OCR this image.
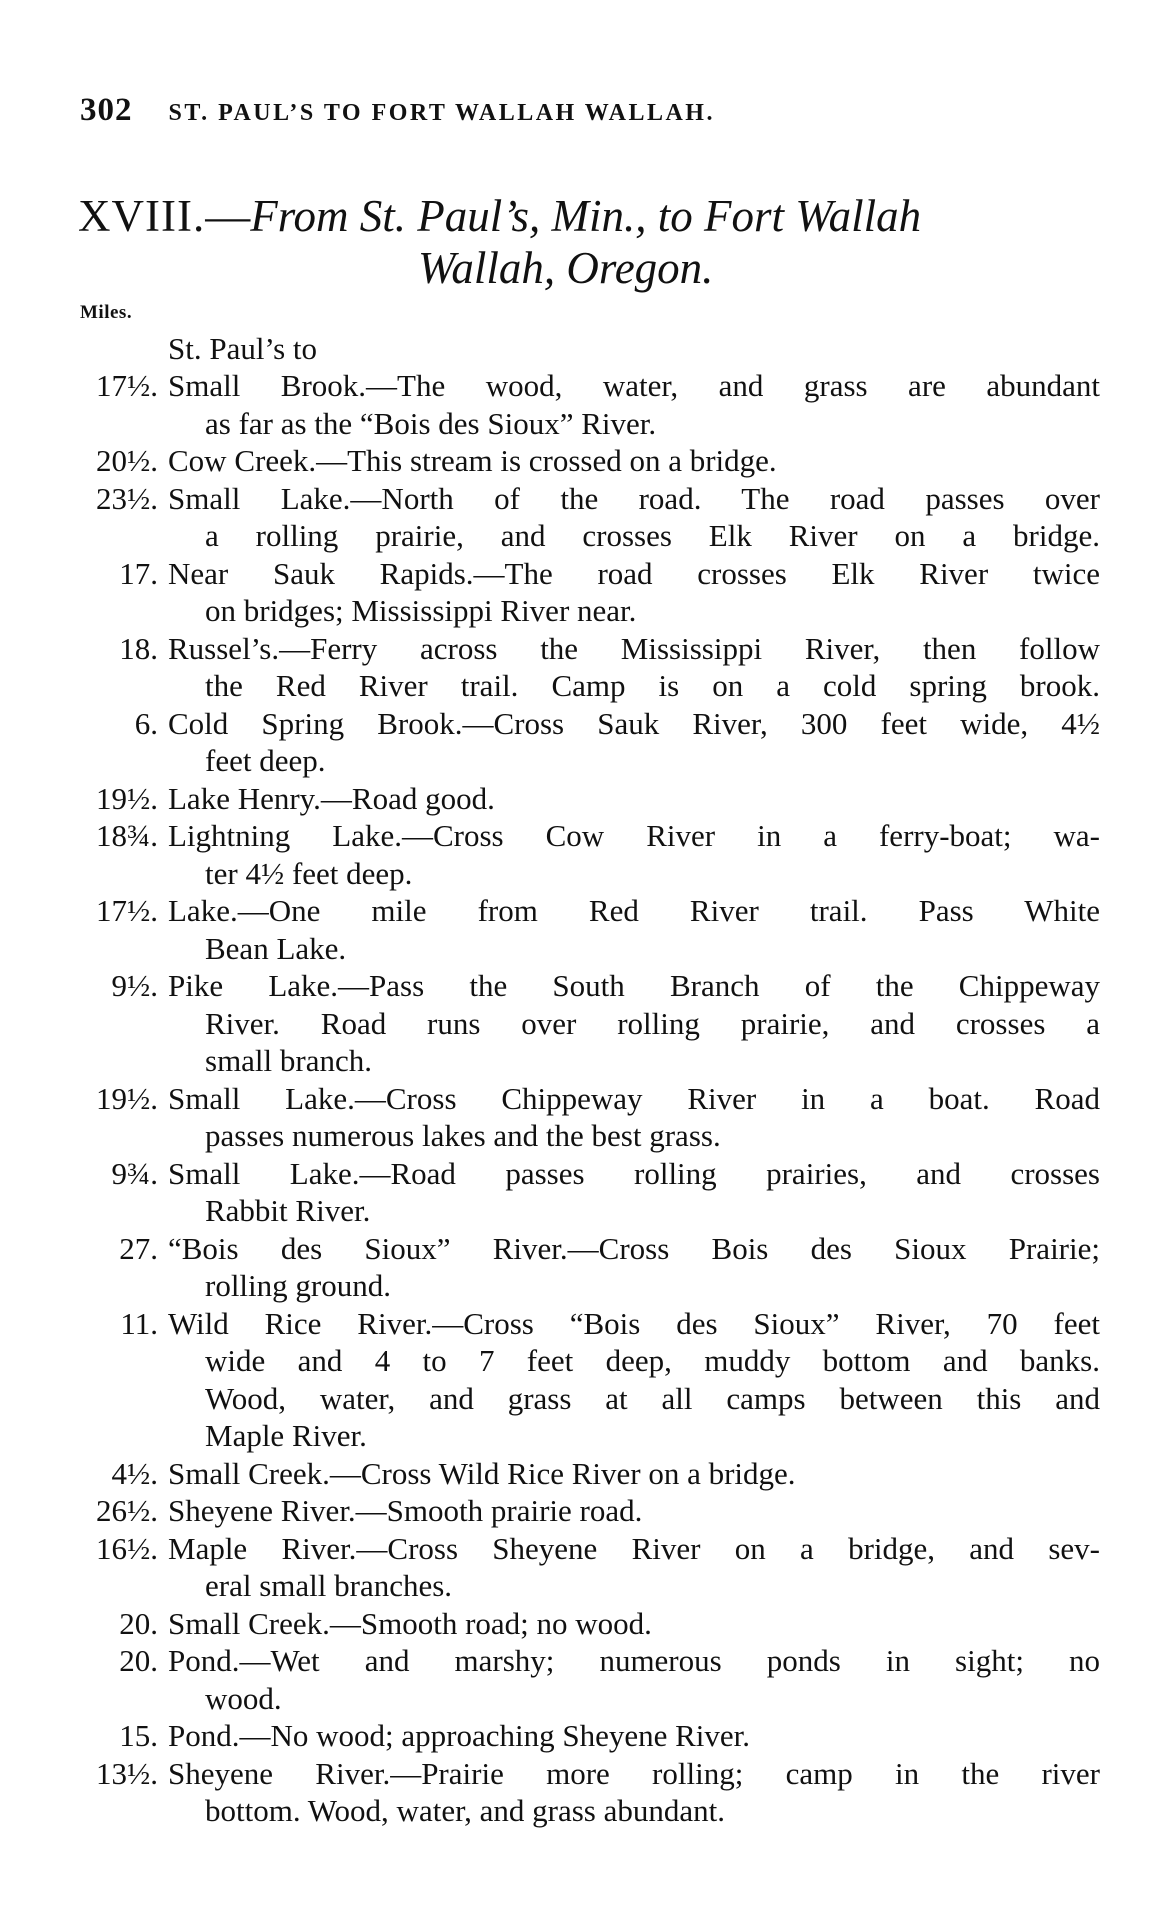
302 ST. PAUL’S TO FORT WALLAH WALLAH.
XVIII.—From St. Paul’s, Min., to Fort Wallah
Wallah, Oregon.
Miles.
St. Paul’s to
17½. Small Brook.—The wood, water, and grass are abundant
as far as the “Bois des Sioux” River.
20½. Cow Creek.—This stream is crossed on a bridge.
23½. Small Lake.—North of the road. The road passes over
a rolling prairie, and crosses Elk River on a bridge.
17. Near Sauk Rapids.—The road crosses Elk River twice
on bridges; Mississippi River near.
18. Russel’s.—Ferry across the Mississippi River, then follow
the Red River trail. Camp is on a cold spring brook.
6. Cold Spring Brook.—Cross Sauk River, 300 feet wide, 4½
feet deep.
19½. Lake Henry.—Road good.
18¾. Lightning Lake.—Cross Cow River in a ferry-boat; wa-
ter 4½ feet deep.
17½. Lake.—One mile from Red River trail. Pass White
Bean Lake.
9½. Pike Lake.—Pass the South Branch of the Chippeway
River. Road runs over rolling prairie, and crosses a
small branch.
19½. Small Lake.—Cross Chippeway River in a boat. Road
passes numerous lakes and the best grass.
9¾. Small Lake.—Road passes rolling prairies, and crosses
Rabbit River.
27. “Bois des Sioux” River.—Cross Bois des Sioux Prairie;
rolling ground.
11. Wild Rice River.—Cross “Bois des Sioux” River, 70 feet
wide and 4 to 7 feet deep, muddy bottom and banks.
Wood, water, and grass at all camps between this and
Maple River.
4½. Small Creek.—Cross Wild Rice River on a bridge.
26½. Sheyene River.—Smooth prairie road.
16½. Maple River.—Cross Sheyene River on a bridge, and sev-
eral small branches.
20. Small Creek.—Smooth road; no wood.
20. Pond.—Wet and marshy; numerous ponds in sight; no
wood.
15. Pond.—No wood; approaching Sheyene River.
13½. Sheyene River.—Prairie more rolling; camp in the river
bottom. Wood, water, and grass abundant.
